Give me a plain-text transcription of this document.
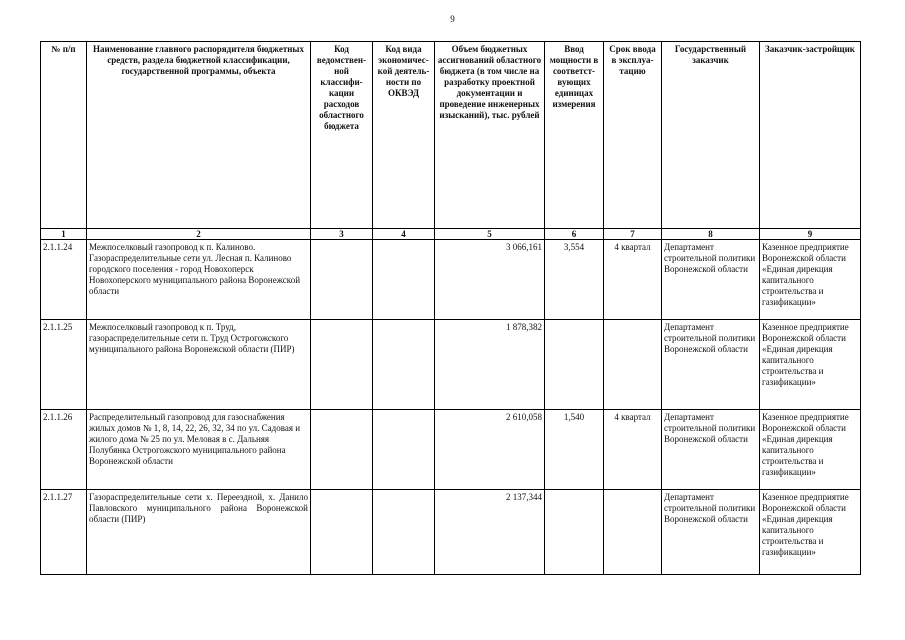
9
№ п/п	Наименование главного распорядителя бюджетных средств, раздела бюджетной классификации, государственной программы, объекта	Код ведомствен-ной классифи-кации расходов областного бюджета	Код вида экономичес-кой деятель-ности по ОКВЭД	Объем бюджетных ассигнований областного бюджета (в том числе на разработку проектной документации и проведение инженерных изысканий), тыс. рублей	Ввод мощности в соответст-вующих единицах измерения	Срок ввода в эксплуа-тацию	Государственный заказчик	Заказчик-застройщик
1	2	3	4	5	6	7	8	9
2.1.1.24	Межпоселковый газопровод к п. Калиново. Газораспределительные сети ул. Лесная п. Калиново городского поселения - город Новохоперск Новохоперского муниципального района Воронежской области			3 066,161	3,554	4 квартал	Департамент строительной политики Воронежской области	Казенное предприятие Воронежской области «Единая дирекция капитального строительства и газификации»
2.1.1.25	Межпоселковый газопровод к п. Труд, газораспределительные сети п. Труд Острогожского муниципального района Воронежской области (ПИР)			1 878,382			Департамент строительной политики Воронежской области	Казенное предприятие Воронежской области «Единая дирекция капитального строительства и газификации»
2.1.1.26	Распределительный газопровод для газоснабжения жилых домов № 1, 8, 14, 22, 26, 32, 34 по ул. Садовая и жилого дома № 25 по ул. Меловая в с. Дальняя Полубянка Острогожского муниципального района Воронежской области			2 610,058	1,540	4 квартал	Департамент строительной политики Воронежской области	Казенное предприятие Воронежской области «Единая дирекция капитального строительства и газификации»
2.1.1.27	Газораспределительные сети х. Переездной, х. Данило Павловского муниципального района Воронежской области (ПИР)			2 137,344			Департамент строительной политики Воронежской области	Казенное предприятие Воронежской области «Единая дирекция капитального строительства и газификации»
